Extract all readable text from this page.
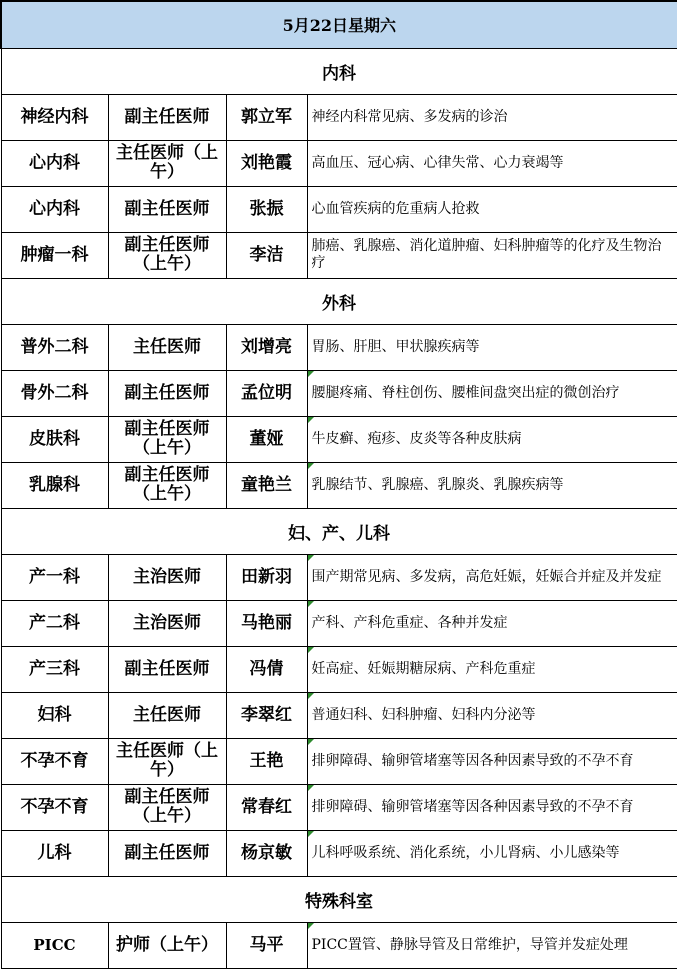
5月22日星期六			
内科			
神经内科	副主任医师	郭立军	神经内科常见病、多发病的诊治
心内科	主任医师（上午）	刘艳霞	高血压、冠心病、心律失常、心力衰竭等
心内科	副主任医师	张振	心血管疾病的危重病人抢救
肿瘤一科	副主任医师（上午）	李洁	肺癌、乳腺癌、消化道肿瘤、妇科肿瘤等的化疗及生物治疗
外科			
普外二科	主任医师	刘增亮	胃肠、肝胆、甲状腺疾病等
骨外二科	副主任医师	孟位明	腰腿疼痛、脊柱创伤、腰椎间盘突出症的微创治疗
皮肤科	副主任医师（上午）	董娅	牛皮癣、疱疹、皮炎等各种皮肤病
乳腺科	副主任医师（上午）	童艳兰	乳腺结节、乳腺癌、乳腺炎、乳腺疾病等
妇、产、儿科			
产一科	主治医师	田新羽	围产期常见病、多发病，高危妊娠，妊娠合并症及并发症
产二科	主治医师	马艳丽	产科、产科危重症、各种并发症
产三科	副主任医师	冯倩	妊高症、妊娠期糖尿病、产科危重症
妇科	主任医师	李翠红	普通妇科、妇科肿瘤、妇科内分泌等
不孕不育	主任医师（上午）	王艳	排卵障碍、输卵管堵塞等因各种因素导致的不孕不育
不孕不育	副主任医师（上午）	常春红	排卵障碍、输卵管堵塞等因各种因素导致的不孕不育
儿科	副主任医师	杨京敏	儿科呼吸系统、消化系统，小儿肾病、小儿感染等
特殊科室			
PICC	护师（上午）	马平	PICC置管、静脉导管及日常维护，导管并发症处理
